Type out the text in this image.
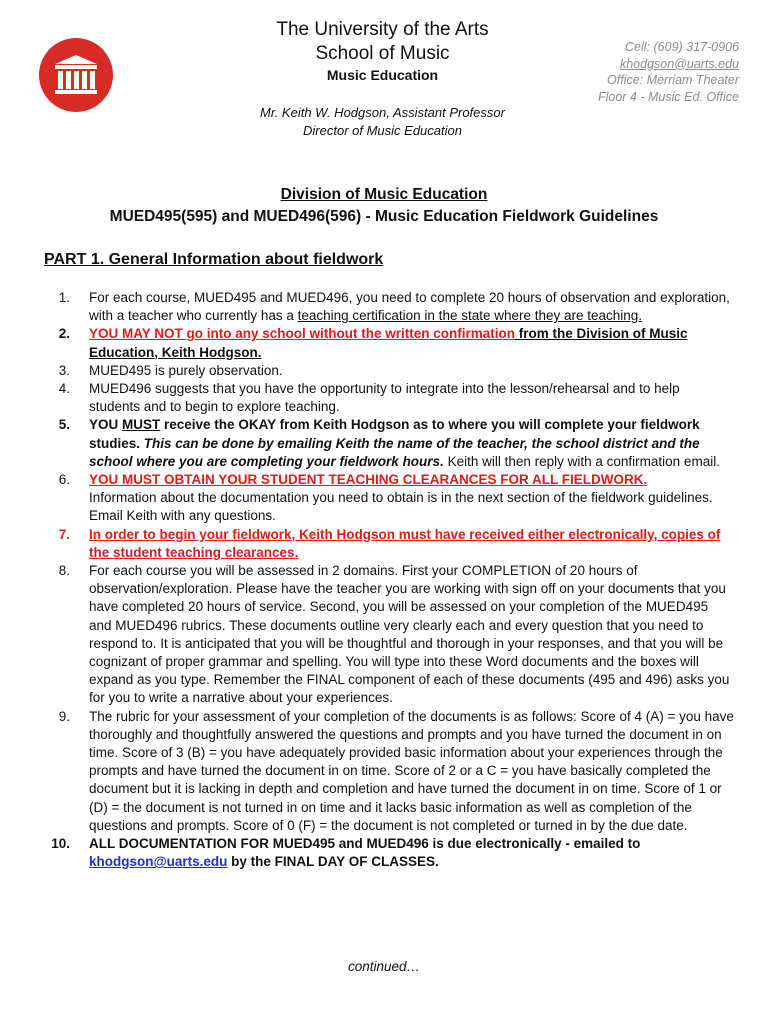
The University of the Arts
School of Music
Music Education
Mr. Keith W. Hodgson, Assistant Professor
Director of Music Education
Cell: (609) 317-0906
khodgson@uarts.edu
Office: Merriam Theater
Floor 4 - Music Ed. Office
Division of Music Education
MUED495(595) and MUED496(596) - Music Education Fieldwork Guidelines
PART 1. General Information about fieldwork
1. For each course, MUED495 and MUED496, you need to complete 20 hours of observation and exploration, with a teacher who currently has a teaching certification in the state where they are teaching.
2. YOU MAY NOT go into any school without the written confirmation from the Division of Music Education, Keith Hodgson.
3. MUED495 is purely observation.
4. MUED496 suggests that you have the opportunity to integrate into the lesson/rehearsal and to help students and to begin to explore teaching.
5. YOU MUST receive the OKAY from Keith Hodgson as to where you will complete your fieldwork studies. This can be done by emailing Keith the name of the teacher, the school district and the school where you are completing your fieldwork hours. Keith will then reply with a confirmation email.
6. YOU MUST OBTAIN YOUR STUDENT TEACHING CLEARANCES FOR ALL FIELDWORK.
Information about the documentation you need to obtain is in the next section of the fieldwork guidelines. Email Keith with any questions.
7. In order to begin your fieldwork, Keith Hodgson must have received either electronically, copies of the student teaching clearances.
8. For each course you will be assessed in 2 domains. First your COMPLETION of 20 hours of observation/exploration. Please have the teacher you are working with sign off on your documents that you have completed 20 hours of service. Second, you will be assessed on your completion of the MUED495 and MUED496 rubrics. These documents outline very clearly each and every question that you need to respond to. It is anticipated that you will be thoughtful and thorough in your responses, and that you will be cognizant of proper grammar and spelling. You will type into these Word documents and the boxes will expand as you type. Remember the FINAL component of each of these documents (495 and 496) asks you for you to write a narrative about your experiences.
9. The rubric for your assessment of your completion of the documents is as follows: Score of 4 (A) = you have thoroughly and thoughtfully answered the questions and prompts and you have turned the document in on time. Score of 3 (B) = you have adequately provided basic information about your experiences through the prompts and have turned the document in on time. Score of 2 or a C = you have basically completed the document but it is lacking in depth and completion and have turned the document in on time. Score of 1 or (D) = the document is not turned in on time and it lacks basic information as well as completion of the questions and prompts. Score of 0 (F) = the document is not completed or turned in by the due date.
10. ALL DOCUMENTATION FOR MUED495 and MUED496 is due electronically - emailed to khodgson@uarts.edu by the FINAL DAY OF CLASSES.
continued…
